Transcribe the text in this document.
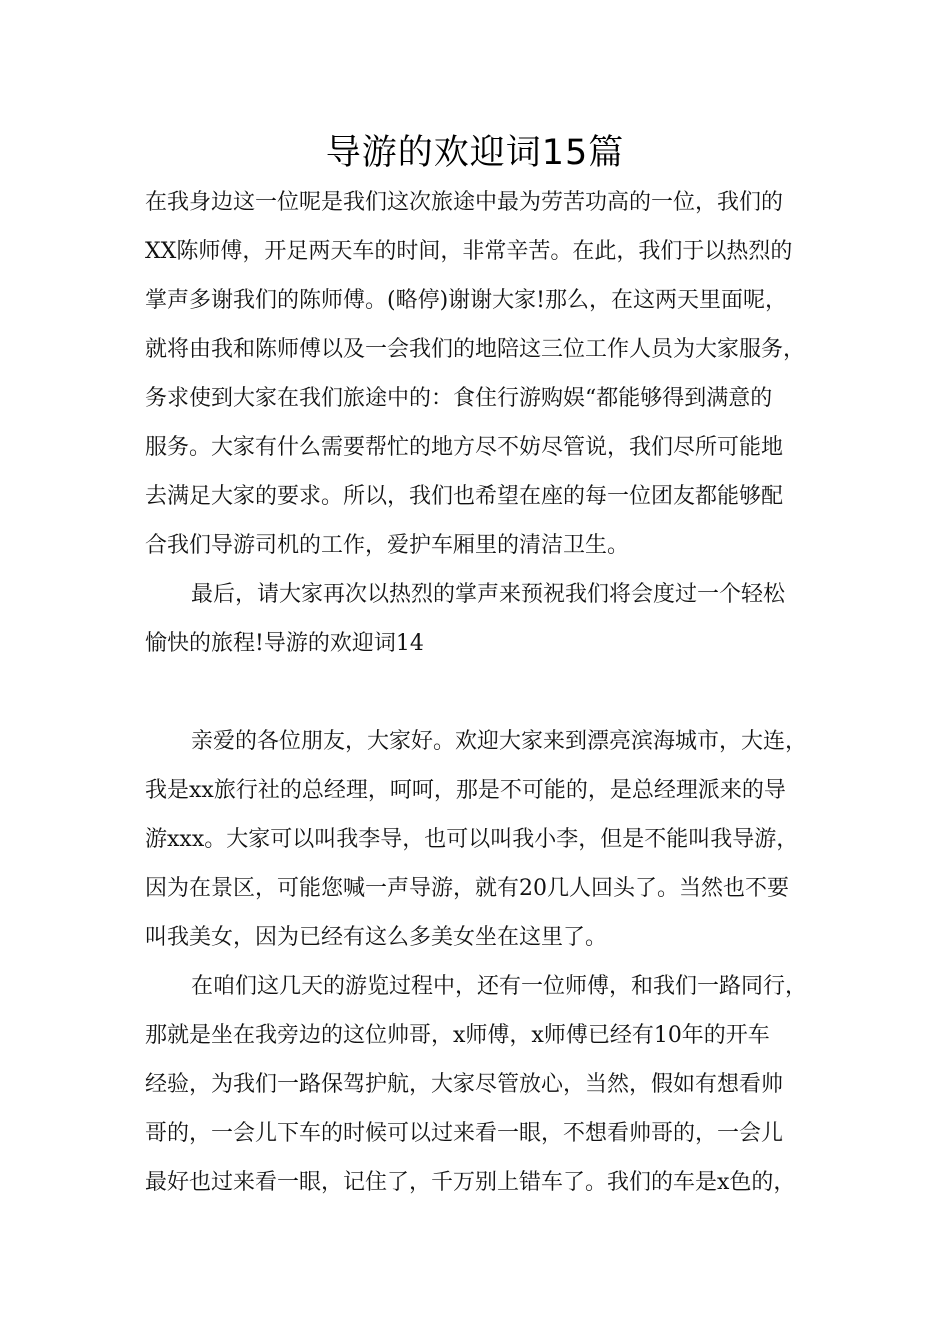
导游的欢迎词15篇
在我身边这一位呢是我们这次旅途中最为劳苦功高的一位，我们的
XX陈师傅，开足两天车的时间，非常辛苦。在此，我们于以热烈的
掌声多谢我们的陈师傅。(略停)谢谢大家!那么，在这两天里面呢，
就将由我和陈师傅以及一会我们的地陪这三位工作人员为大家服务，
务求使到大家在我们旅途中的：食住行游购娱“都能够得到满意的
服务。大家有什么需要帮忙的地方尽不妨尽管说，我们尽所可能地
去满足大家的要求。所以，我们也希望在座的每一位团友都能够配
合我们导游司机的工作，爱护车厢里的清洁卫生。
最后，请大家再次以热烈的掌声来预祝我们将会度过一个轻松
愉快的旅程!导游的欢迎词14
亲爱的各位朋友，大家好。欢迎大家来到漂亮滨海城市，大连，
我是xx旅行社的总经理，呵呵，那是不可能的，是总经理派来的导
游xxx。大家可以叫我李导，也可以叫我小李，但是不能叫我导游，
因为在景区，可能您喊一声导游，就有20几人回头了。当然也不要
叫我美女，因为已经有这么多美女坐在这里了。
在咱们这几天的游览过程中，还有一位师傅，和我们一路同行，
那就是坐在我旁边的这位帅哥，x师傅，x师傅已经有10年的开车
经验，为我们一路保驾护航，大家尽管放心，当然，假如有想看帅
哥的，一会儿下车的时候可以过来看一眼，不想看帅哥的，一会儿
最好也过来看一眼，记住了，千万别上错车了。我们的车是x色的，
